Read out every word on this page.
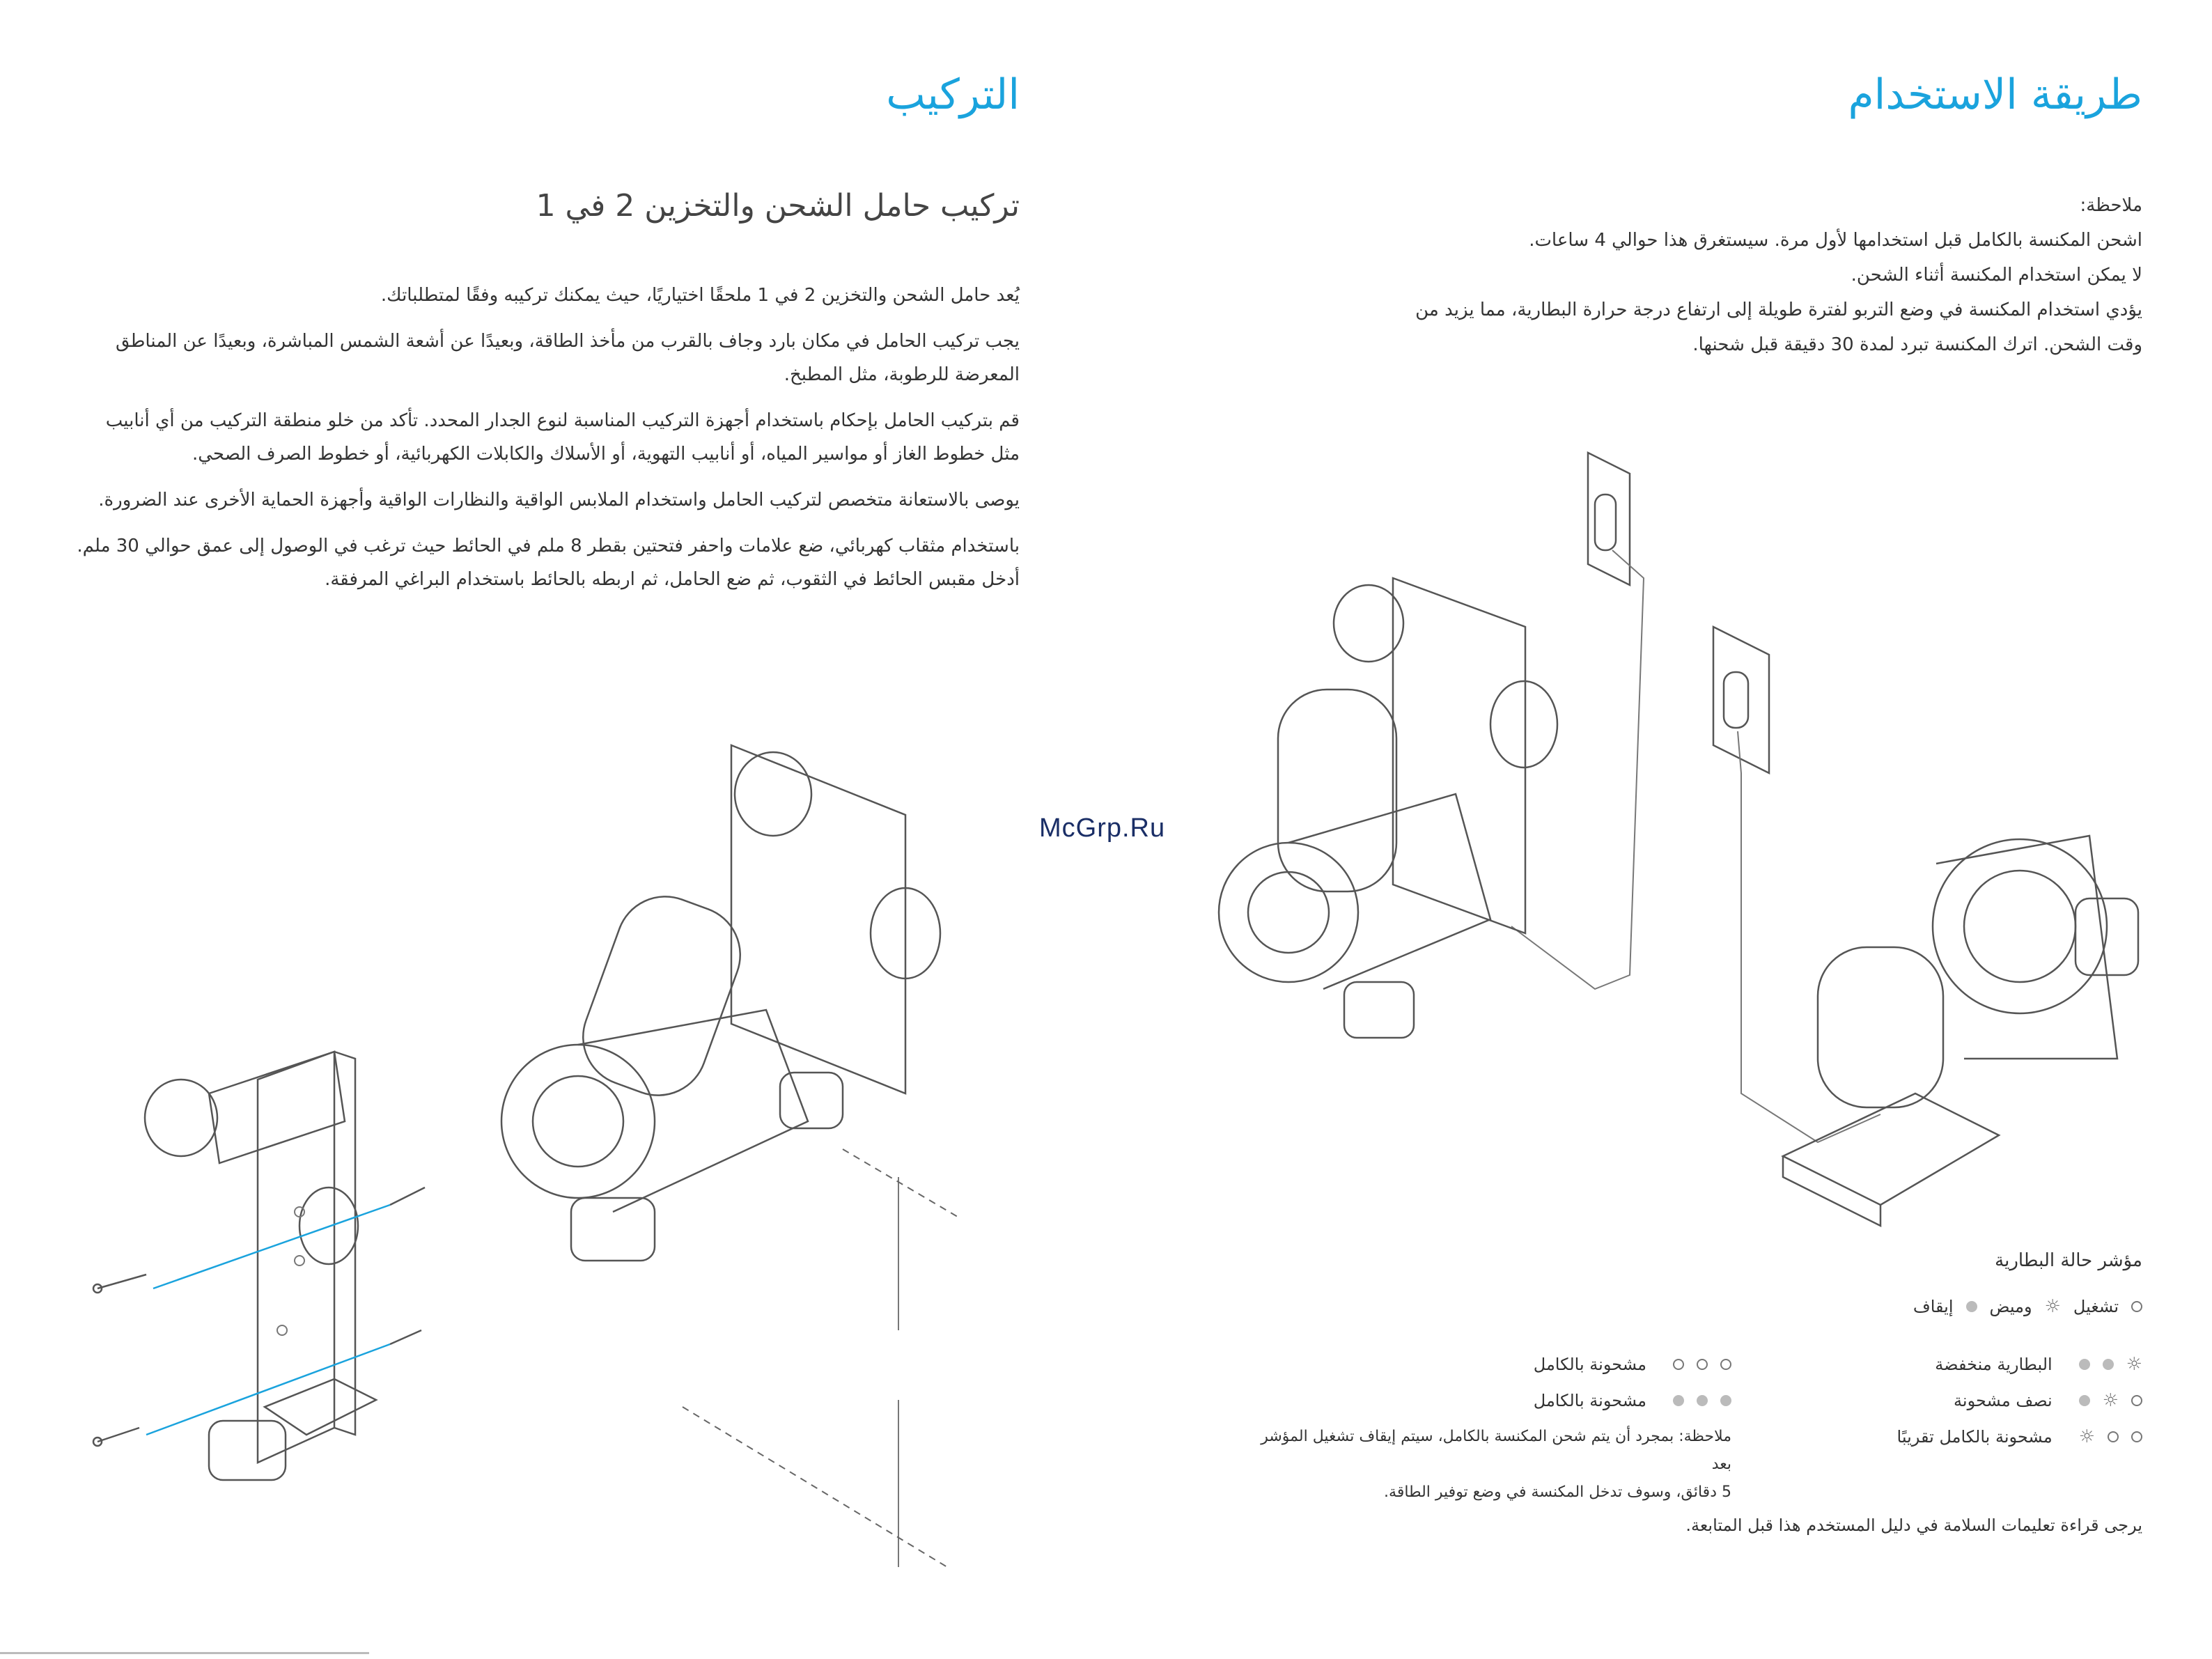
التركيب
تركيب حامل الشحن والتخزين 2 في 1

يُعد حامل الشحن والتخزين 2 في 1 ملحقًا اختياريًا، حيث يمكنك تركيبه وفقًا لمتطلباتك.

يجب تركيب الحامل في مكان بارد وجاف بالقرب من مأخذ الطاقة، وبعيدًا عن أشعة الشمس المباشرة، وبعيدًا عن المناطق المعرضة للرطوبة، مثل المطبخ.

قم بتركيب الحامل بإحكام باستخدام أجهزة التركيب المناسبة لنوع الجدار المحدد. تأكد من خلو منطقة التركيب من أي أنابيب مثل خطوط الغاز أو مواسير المياه، أو أنابيب التهوية، أو الأسلاك والكابلات الكهربائية، أو خطوط الصرف الصحي.

يوصى بالاستعانة متخصص لتركيب الحامل واستخدام الملابس الواقية والنظارات الواقية وأجهزة الحماية الأخرى عند الضرورة.

باستخدام مثقاب كهربائي، ضع علامات واحفر فتحتين بقطر 8 ملم في الحائط حيث ترغب في الوصول إلى عمق حوالي 30 ملم. أدخل مقبس الحائط في الثقوب، ثم ضع الحامل، ثم اربطه بالحائط باستخدام البراغي المرفقة.

McGrp.Ru
طريقة الاستخدام

ملاحظة:

اشحن المكنسة بالكامل قبل استخدامها لأول مرة. سيستغرق هذا حوالي 4 ساعات.

لا يمكن استخدام المكنسة أثناء الشحن.

يؤدي استخدام المكنسة في وضع التربو لفترة طويلة إلى ارتفاع درجة حرارة البطارية، مما يزيد من

وقت الشحن. اترك المكنسة تبرد لمدة 30 دقيقة قبل شحنها.

مؤشر حالة البطارية
تشغيل
☼
وميض
إيقاف
☼
البطارية منخفضة
☼
نصف مشحونة
☼
مشحونة بالكامل تقريبًا
مشحونة بالكامل
مشحونة بالكامل
ملاحظة: بمجرد أن يتم شحن المكنسة بالكامل، سيتم إيقاف تشغيل المؤشر بعد
5 دقائق، وسوف تدخل المكنسة في وضع توفير الطاقة.
يرجى قراءة تعليمات السلامة في دليل المستخدم هذا قبل المتابعة.
